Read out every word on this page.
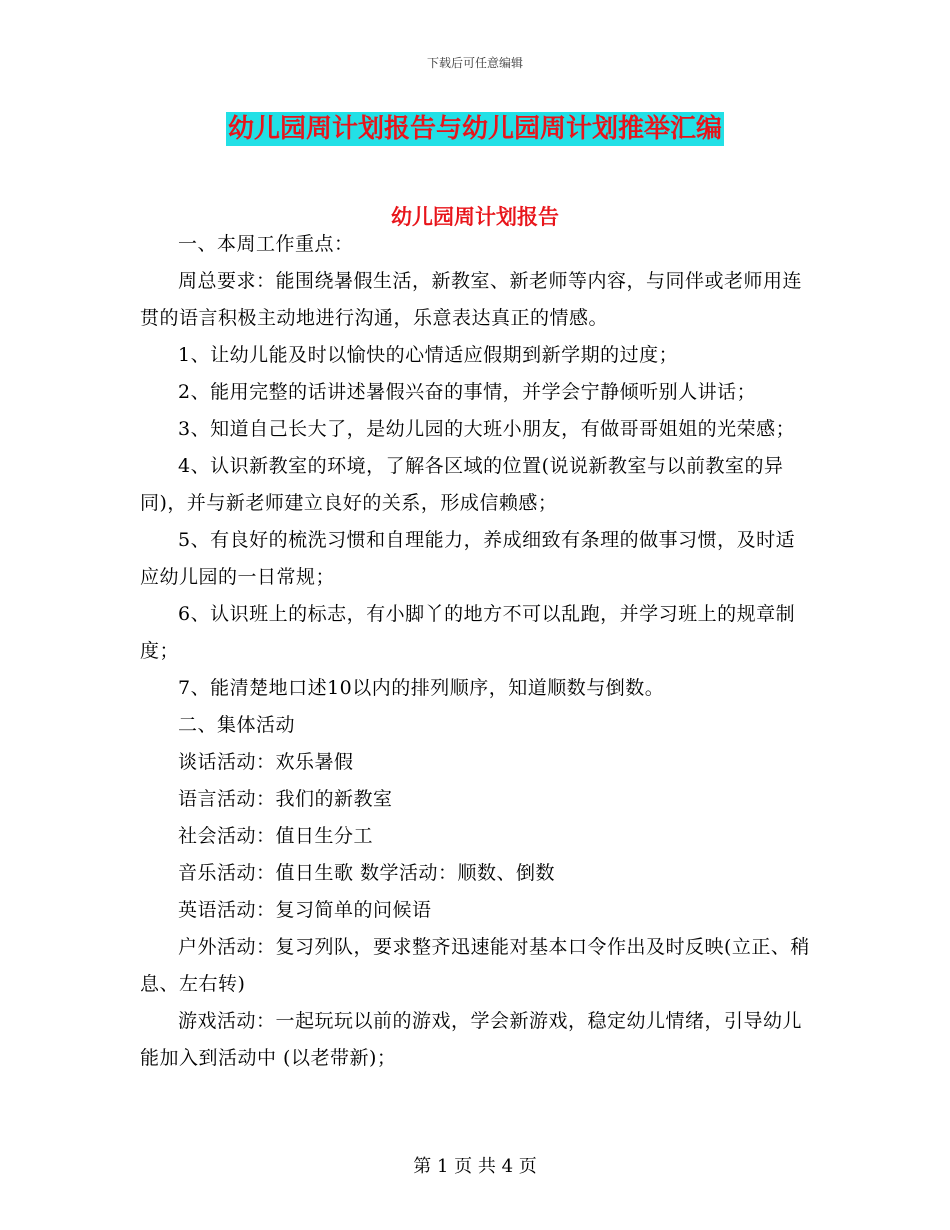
下载后可任意编辑
幼儿园周计划报告与幼儿园周计划推举汇编
幼儿园周计划报告

一、本周工作重点：

周总要求：能围绕暑假生活，新教室、新老师等内容，与同伴或老师用连贯的语言积极主动地进行沟通，乐意表达真正的情感。

1、让幼儿能及时以愉快的心情适应假期到新学期的过度；

2、能用完整的话讲述暑假兴奋的事情，并学会宁静倾听别人讲话；

3、知道自己长大了，是幼儿园的大班小朋友，有做哥哥姐姐的光荣感；

4、认识新教室的环境，了解各区域的位置(说说新教室与以前教室的异同)，并与新老师建立良好的关系，形成信赖感；

5、有良好的梳洗习惯和自理能力，养成细致有条理的做事习惯，及时适应幼儿园的一日常规；

6、认识班上的标志，有小脚丫的地方不可以乱跑，并学习班上的规章制度；

7、能清楚地口述10以内的排列顺序，知道顺数与倒数。

二、集体活动

谈话活动：欢乐暑假

语言活动：我们的新教室

社会活动：值日生分工

音乐活动：值日生歌 数学活动：顺数、倒数

英语活动：复习简单的问候语

户外活动：复习列队，要求整齐迅速能对基本口令作出及时反映(立正、稍息、左右转)

游戏活动：一起玩玩以前的游戏，学会新游戏，稳定幼儿情绪，引导幼儿能加入到活动中 (以老带新)；

第 1 页 共 4 页
